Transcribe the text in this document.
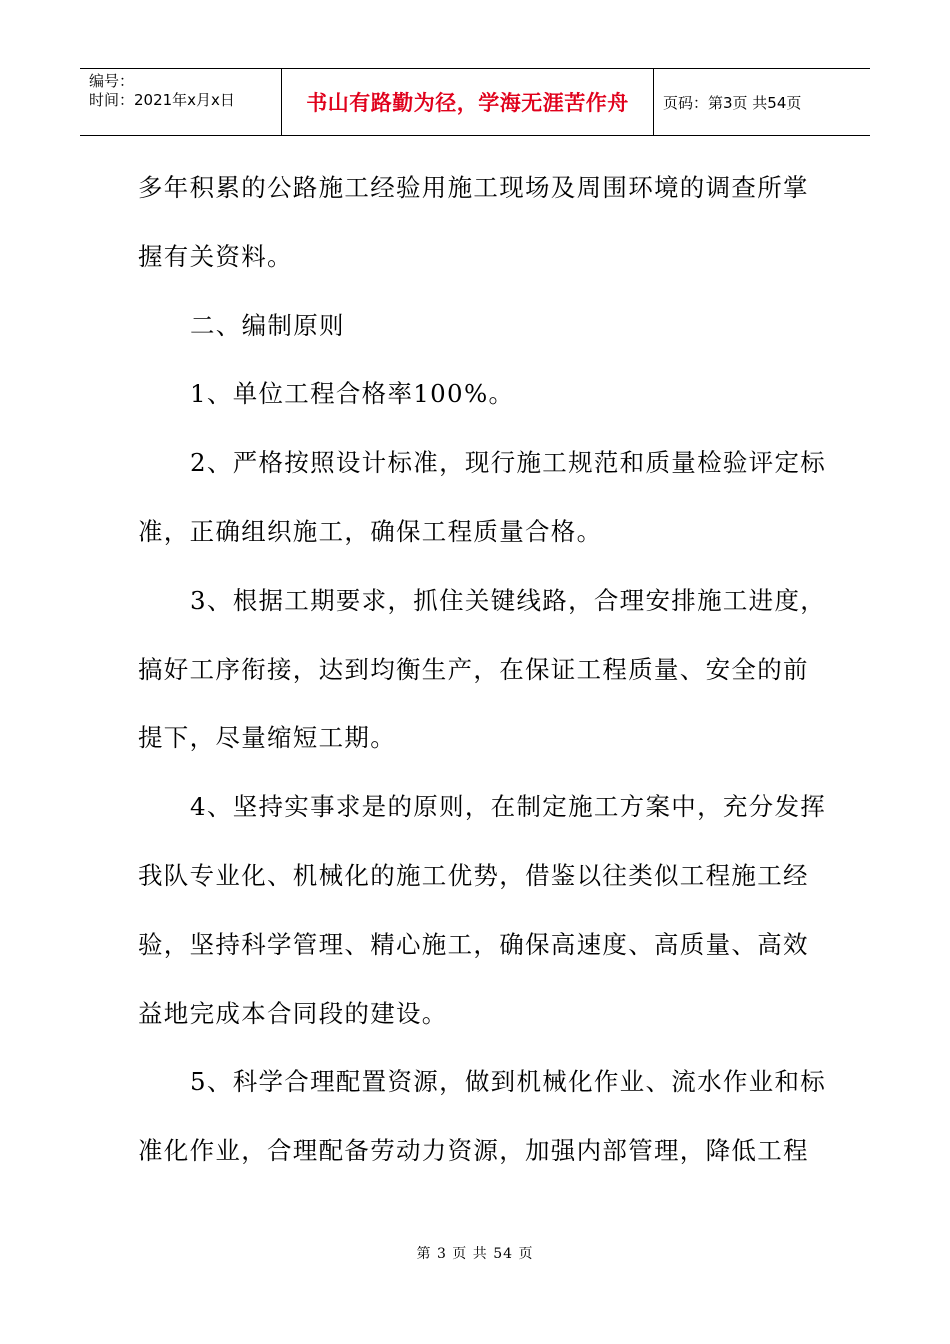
编号：
时间：2021年x月x日	书山有路勤为径，学海无涯苦作舟	页码：第3页 共54页
多年积累的公路施工经验用施工现场及周围环境的调查所掌
握有关资料。
二、编制原则
1、单位工程合格率100%。
2、严格按照设计标准，现行施工规范和质量检验评定标
准，正确组织施工，确保工程质量合格。
3、根据工期要求，抓住关键线路，合理安排施工进度，
搞好工序衔接，达到均衡生产，在保证工程质量、安全的前
提下，尽量缩短工期。
4、坚持实事求是的原则，在制定施工方案中，充分发挥
我队专业化、机械化的施工优势，借鉴以往类似工程施工经
验，坚持科学管理、精心施工，确保高速度、高质量、高效
益地完成本合同段的建设。
5、科学合理配置资源，做到机械化作业、流水作业和标
准化作业，合理配备劳动力资源，加强内部管理，降低工程
第 3 页 共 54 页
